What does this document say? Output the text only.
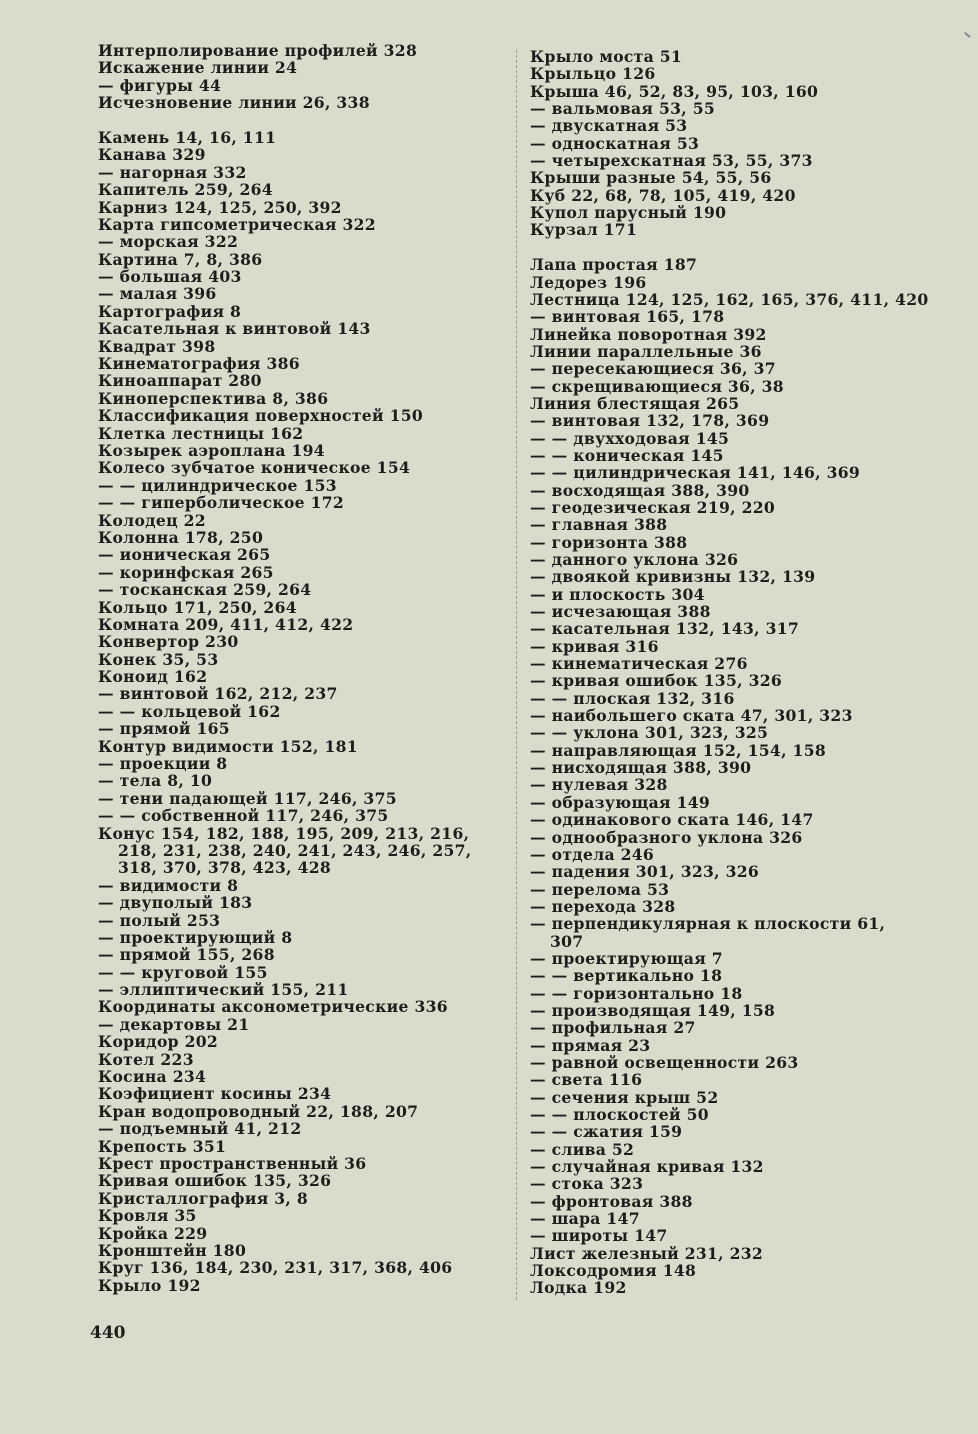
Интерполирование профилей 328
Искажение линии 24
— фигуры 44
Исчезновение линии 26, 338
Камень 14, 16, 111
Канава 329
— нагорная 332
Капитель 259, 264
Карниз 124, 125, 250, 392
Карта гипсометрическая 322
— морская 322
Картина 7, 8, 386
— большая 403
— малая 396
Картография 8
Касательная к винтовой 143
Квадрат 398
Кинематография 386
Киноаппарат 280
Киноперспектива 8, 386
Классификация поверхностей 150
Клетка лестницы 162
Козырек аэроплана 194
Колесо зубчатое коническое 154
— — цилиндрическое 153
— — гиперболическое 172
Колодец 22
Колонна 178, 250
— ионическая 265
— коринфская 265
— тосканская 259, 264
Кольцо 171, 250, 264
Комната 209, 411, 412, 422
Конвертор 230
Конек 35, 53
Коноид 162
— винтовой 162, 212, 237
— — кольцевой 162
— прямой 165
Контур видимости 152, 181
— проекции 8
— тела 8, 10
— тени падающей 117, 246, 375
— — собственной 117, 246, 375
Конус 154, 182, 188, 195, 209, 213, 216,
218, 231, 238, 240, 241, 243, 246, 257,
318, 370, 378, 423, 428
— видимости 8
— двуполый 183
— полый 253
— проектирующий 8
— прямой 155, 268
— — круговой 155
— эллиптический 155, 211
Координаты аксонометрические 336
— декартовы 21
Коридор 202
Котел 223
Косина 234
Коэфициент косины 234
Кран водопроводный 22, 188, 207
— подъемный 41, 212
Крепость 351
Крест пространственный 36
Кривая ошибок 135, 326
Кристаллография 3, 8
Кровля 35
Кройка 229
Кронштейн 180
Круг 136, 184, 230, 231, 317, 368, 406
Крыло 192
Крыло моста 51
Крыльцо 126
Крыша 46, 52, 83, 95, 103, 160
— вальмовая 53, 55
— двускатная 53
— односкатная 53
— четырехскатная 53, 55, 373
Крыши разные 54, 55, 56
Куб 22, 68, 78, 105, 419, 420
Купол парусный 190
Курзал 171
Лапа простая 187
Ледорез 196
Лестница 124, 125, 162, 165, 376, 411, 420
— винтовая 165, 178
Линейка поворотная 392
Линии параллельные 36
— пересекающиеся 36, 37
— скрещивающиеся 36, 38
Линия блестящая 265
— винтовая 132, 178, 369
— — двухходовая 145
— — коническая 145
— — цилиндрическая 141, 146, 369
— восходящая 388, 390
— геодезическая 219, 220
— главная 388
— горизонта 388
— данного уклона 326
— двоякой кривизны 132, 139
— и плоскость 304
— исчезающая 388
— касательная 132, 143, 317
— кривая 316
— кинематическая 276
— кривая ошибок 135, 326
— — плоская 132, 316
— наибольшего ската 47, 301, 323
— — уклона 301, 323, 325
— направляющая 152, 154, 158
— нисходящая 388, 390
— нулевая 328
— образующая 149
— одинакового ската 146, 147
— однообразного уклона 326
— отдела 246
— падения 301, 323, 326
— перелома 53
— перехода 328
— перпендикулярная к плоскости 61,
307
— проектирующая 7
— — вертикально 18
— — горизонтально 18
— производящая 149, 158
— профильная 27
— прямая 23
— равной освещенности 263
— света 116
— сечения крыш 52
— — плоскостей 50
— — сжатия 159
— слива 52
— случайная кривая 132
— стока 323
— фронтовая 388
— шара 147
— широты 147
Лист железный 231, 232
Локсодромия 148
Лодка 192
440
